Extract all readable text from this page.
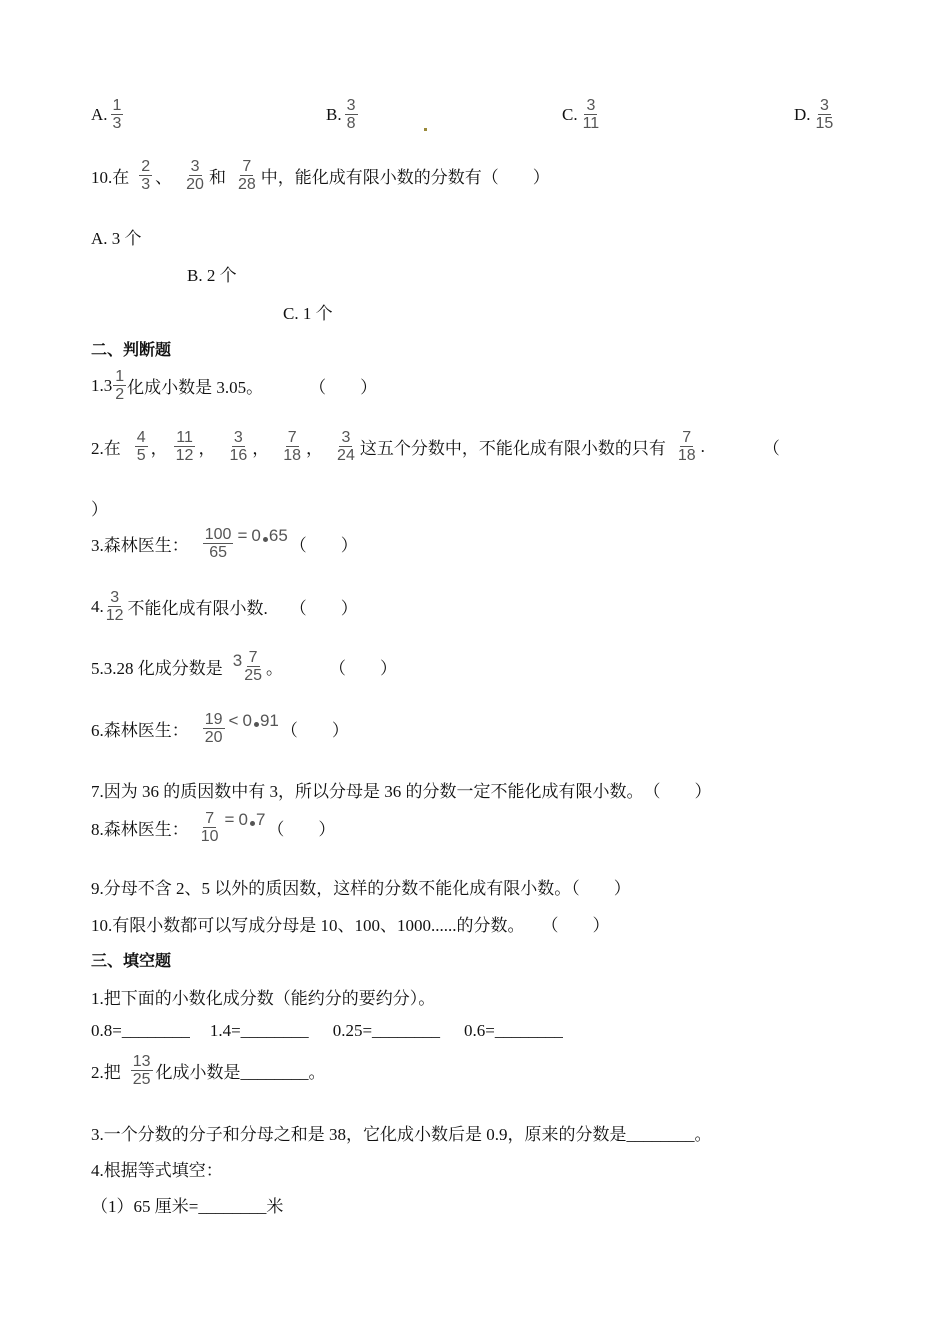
A. $\frac{1}{3}$	B. $\frac{3}{8}$	C. $\frac{3}{11}$	D. $\frac{3}{15}$
10.在 $\frac{2}{3}$ 、 $\frac{3}{20}$ 和 $\frac{7}{28}$ 中，能化成有限小数的分数有（　　）
A. 3 个
B. 2 个
C. 1 个
二、判断题
$1.3 \frac{1}{2}$ 化成小数是 3.05。	（　　）
2.在 $\frac{4}{5}$ ， $\frac{11}{12}$ ， $\frac{3}{16}$ ， $\frac{7}{18}$ ， $\frac{3}{24}$ 这五个分数中，不能化成有限小数的只有 $\frac{7}{18}$ .	（
）
3.森林医生： $\frac{100}{65} = 0$ 65
（　　）
4. $\frac{3}{12}$ 不能化成有限小数. （　　）
5.3.28 化成分数是 $3 \frac{7}{25}$ 。	（　　）
6.森林医生： $\frac{19}{20} < 0$ 91
（　　）
7.因为 36 的质因数中有 3，所以分母是 36 的分数一定不能化成有限小数。　（　　）
8.森林医生： $\frac{7}{10} = 0$ 7
（　　）
9.分母不含 2、5 以外的质因数，这样的分数不能化成有限小数。（　　）
10.有限小数都可以写成分母是 10、100、1000......的分数。　　（　　）
三、填空题
1.把下面的小数化成分数（能约分的要约分）。
0.8=________ 1.4=________ 0.25=________ 0.6=________
2.把 $\frac{13}{25}$ 化成小数是________。
3.一个分数的分子和分母之和是 38，它化成小数后是 0.9，原来的分数是________。
4.根据等式填空：
（1）65 厘米=________米
